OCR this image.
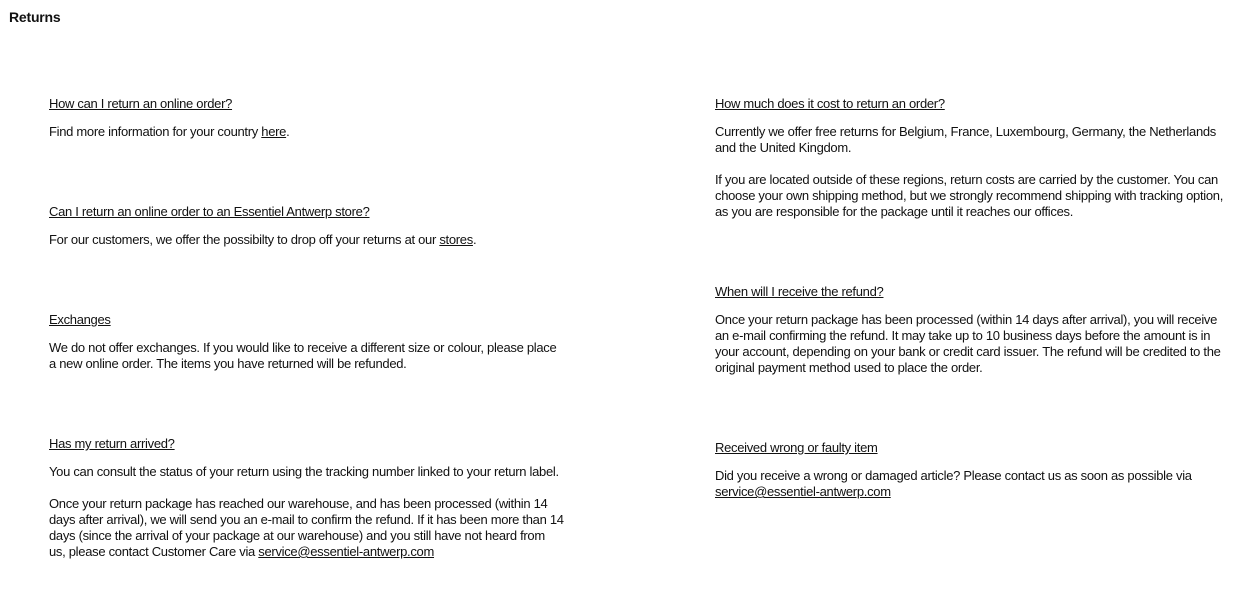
Returns
How can I return an online order?

Find more information for your country here.

Can I return an online order to an Essentiel Antwerp store?

For our customers, we offer the possibilty to drop off your returns at our stores.

Exchanges

We do not offer exchanges. If you would like to receive a different size or colour, please place a new online order. The items you have returned will be refunded.

Has my return arrived?

You can consult the status of your return using the tracking number linked to your return label.

Once your return package has reached our warehouse, and has been processed (within 14 days after arrival), we will send you an e-mail to confirm the refund. If it has been more than 14 days (since the arrival of your package at our warehouse) and you still have not heard from us, please contact Customer Care via service@essentiel-antwerp.com

How much does it cost to return an order?

Currently we offer free returns for Belgium, France, Luxembourg, Germany, the Netherlands and the United Kingdom.

If you are located outside of these regions, return costs are carried by the customer. You can choose your own shipping method, but we strongly recommend shipping with tracking option, as you are responsible for the package until it reaches our offices.

When will I receive the refund?

Once your return package has been processed (within 14 days after arrival), you will receive an e-mail confirming the refund. It may take up to 10 business days before the amount is in your account, depending on your bank or credit card issuer. The refund will be credited to the original payment method used to place the order.

Received wrong or faulty item

Did you receive a wrong or damaged article? Please contact us as soon as possible via service@essentiel-antwerp.com
